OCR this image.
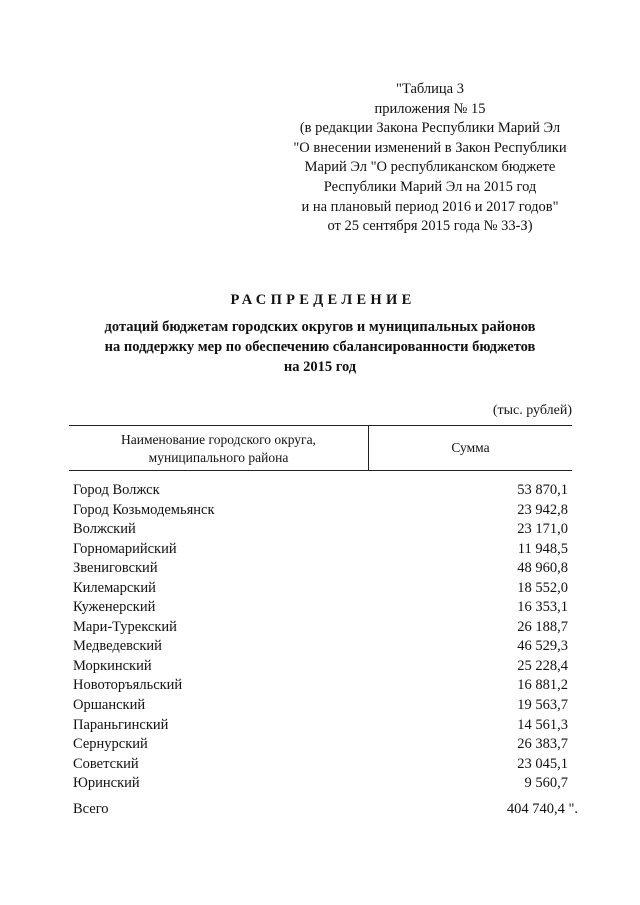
"Таблица 3
приложения № 15
(в редакции Закона Республики Марий Эл
"О внесении изменений в Закон Республики
Марий Эл "О республиканском бюджете
Республики Марий Эл на 2015 год
и на плановый период 2016 и 2017 годов"
от 25 сентября 2015 года № 33-З)
РАСПРЕДЕЛЕНИЕ
дотаций бюджетам городских округов и муниципальных районов
на поддержку мер по обеспечению сбалансированности бюджетов
на 2015 год
(тыс. рублей)
Наименование городского округа,
муниципального района
Сумма
Город Волжск	53 870,1
Город Козьмодемьянск	23 942,8
Волжский	23 171,0
Горномарийский	11 948,5
Звениговский	48 960,8
Килемарский	18 552,0
Куженерский	16 353,1
Мари-Турекский	26 188,7
Медведевский	46 529,3
Моркинский	25 228,4
Новоторъяльский	16 881,2
Оршанский	19 563,7
Параньгинский	14 561,3
Сернурский	26 383,7
Советский	23 045,1
Юринский	9 560,7
Всего	404 740,4 ".
